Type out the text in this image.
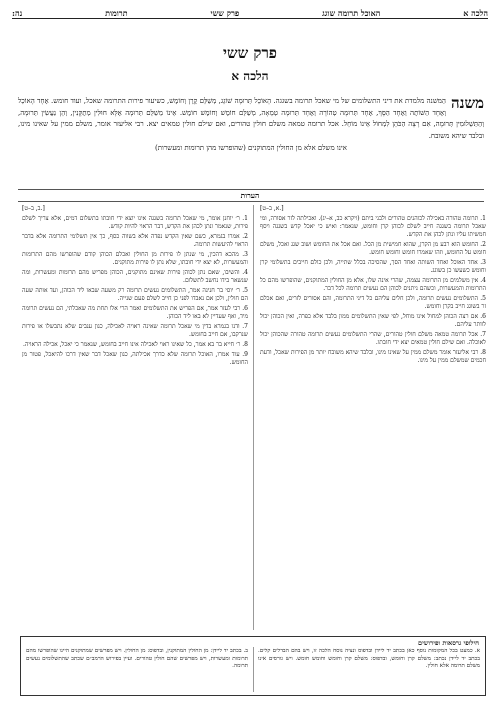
הלכה א
האוכל תרומה שוגג
פרק ששי
תרומות
נה:
פרק ששי
הלכה א
משנה
הַמּשׁנה מלמדת את דיני התשלומים של מי שאכל תרומה בשגגה. הָאוֹכֵל תְּרוּמָה שׁוֹגֵג, מְשַׁלֵּם קֶרֶן וְחוֹמֶשׁ, כשיעור פירות התרומה שאכל, ועוד חומש. אֶחָד הָאוֹכֵל וְאֶחָד הַשּׁוֹתֶה וְאֶחָד הַסָּךְ, אֶחָד תְּרוּמָה טְהוֹרָה וְאֶחָד תְּרוּמָה טְמֵאָה, מְשַׁלֵּם חוֹמֶשׁ וְחוֹמֶשׁ חוֹמֶשׁ. אֵינוֹ מְשַׁלֵּם תְּרוּמָה אֶלָּא חוּלִּין מְתֻקָּנִין, וְהֵן נַעֲשִׂין תְּרוּמָה, וְהַתַּשְׁלוּמִין תְּרוּמָה, אִם רָצָה הַכֹּהֵן לִמְחוֹל אֵינוֹ מוֹחֵל. אכל תרומה טמאה משלם חולין טהורים, ואם שילם חולין טמאים יצא. רבי אליעזר אומר, משלם ממין על שאינו מינו, ובלבד שיהא משובח.
אינו משלם אלא מן החולין המתוקנים (שהופרשו מהן תרומות ומעשרות)
הערות
[א, ב–ט.]

1. תרומה טהורה באכילה לכוהנים טהורים ולבני ביתם (ויקרא כב, א–יג). ואכילתה לזר אסורה, ומי שאכל תרומה בשגגה חייב לשלם לכוהן קרן וחומש, שנאמר: ואיש כי יאכל קדש בשגגה ויסף חמשיתו עליו ונתן לכהן את הקדש.

2. החומש הוא רבע מן הקרן, שהוא חמישית מן הכל. ואם אכל את החומש ושוב שגג ואכל, משלם חומש על החומש, וזהו שאמרו חומש וחומש חומש.

3. אחד האוכל ואחד השותה ואחד הסך, שהסיכה בכלל שתייה, ולכן כולם חייבים בתשלומי קרן וחומש כשעשו כן בשוגג.

4. אין משלמים מן התרומה עצמה, שהרי אינה שלו, אלא מן החולין המתוקנים, שהופרשו מהם כל התרומות והמעשרות, וכשהם ניתנים לכוהן הם נעשים תרומה לכל דבר.

5. התשלומים נעשים תרומה, ולכן חלים עליהם כל דיני התרומה, והם אסורים לזרים, ואם אכלם זר בשוגג חייב בקרן וחומש.

6. אם רצה הכוהן למחול אינו מוחל, לפי שאין התשלומים ממון בלבד אלא כפרה, ואין הכוהן יכול לוותר עליהם.

7. אכל תרומה טמאה משלם חולין טהורים, שהרי התשלומים נעשים תרומה טהורה שהכוהן יכול לאוכלה. ואם שילם חולין טמאים יצא ידי חובתו.

8. רבי אליעזר אומר משלם ממין על שאינו מינו, ובלבד שיהא משובח יותר מן הפירות שאכל, ודעת חכמים שמשלם ממין על מינו.

[ב, ב–ט.]

1. ר׳ יוחנן אומר, מי שאכל תרומה בשגגה אינו יוצא ידי חובתו בתשלום דמים, אלא צריך לשלם פירות, שנאמר ונתן לכהן את הקדש, דבר הראוי להיות קודש.

2. אמרו בגמרא, כשם שאין הקדש נפדה אלא בשווה כסף, כך אין תשלומי התרומה אלא בדבר הראוי להיעשות תרומה.

3. מהכא דהכין, מי שנתן לו פירות מן החולין ואכלם הכוהן קודם שהופרשו מהם התרומות והמעשרות, לא יצא ידי חובתו, שלא נתן לו פירות מתוקנים.

4. והשיבו, שאם נתן לכוהן פירות שאינם מתוקנים, הכוהן מפריש מהם תרומות ומעשרות, ומה שנשאר בידו נחשב לתשלום.

5. ר׳ יוסי בר חנינה אמר, התשלומים נעשים תרומה רק משעה שבאו ליד הכוהן, ועד אותה שעה הם חולין, ולכן אם נאבדו לפני כן חייב לשלם פעם שנייה.

6. רבי לעזר אמר, אם הפריש את התשלומים ואמר הרי אלו תחת מה שאכלתי, הם נעשים תרומה מיד, ואף שעדיין לא באו ליד הכוהן.

7. ודנו בגמרא בדין מי שאכל תרומה שאינה ראויה לאכילה, כגון ענבים שלא נתבשלו או פירות שנרקבו, אם חייב בחומש.

8. ר׳ חייא בר בא אמר, כל שאינו ראוי לאכילה אינו חייב בחומש, שנאמר כי יאכל, אכילה הראויה.

9. עוד אמרו, האוכל תרומה שלא כדרך אכילתה, כגון שאכל דבר שאין דרכו להיאכל, פטור מן החומש.

חילופי גרסאות ופירושים
א. כמעט בכל המקומות נוסף כאן בכתב יד ליידן ובדפוס ונציה נוסח הלכה זו, ויש בהם הבדלים קלים. בכתב יד ליידן נכתב: משלם קרן וחומש, ובדפוס: משלם קרן וחומש וחומש חומש. ויש גורסים אינו משלם תרומה אלא חולין.
ב. בכתב יד ליידן: מן החולין המתוקנין, ובדפוס: מן החולין. ויש מפרשים שמתוקנים היינו שהופרשו מהם תרומות ומעשרות, ויש מפרשים שהם חולין טהורים. ועיין בפירוש הרמב״ם שכתב שהתשלומים נעשים תרומה.
